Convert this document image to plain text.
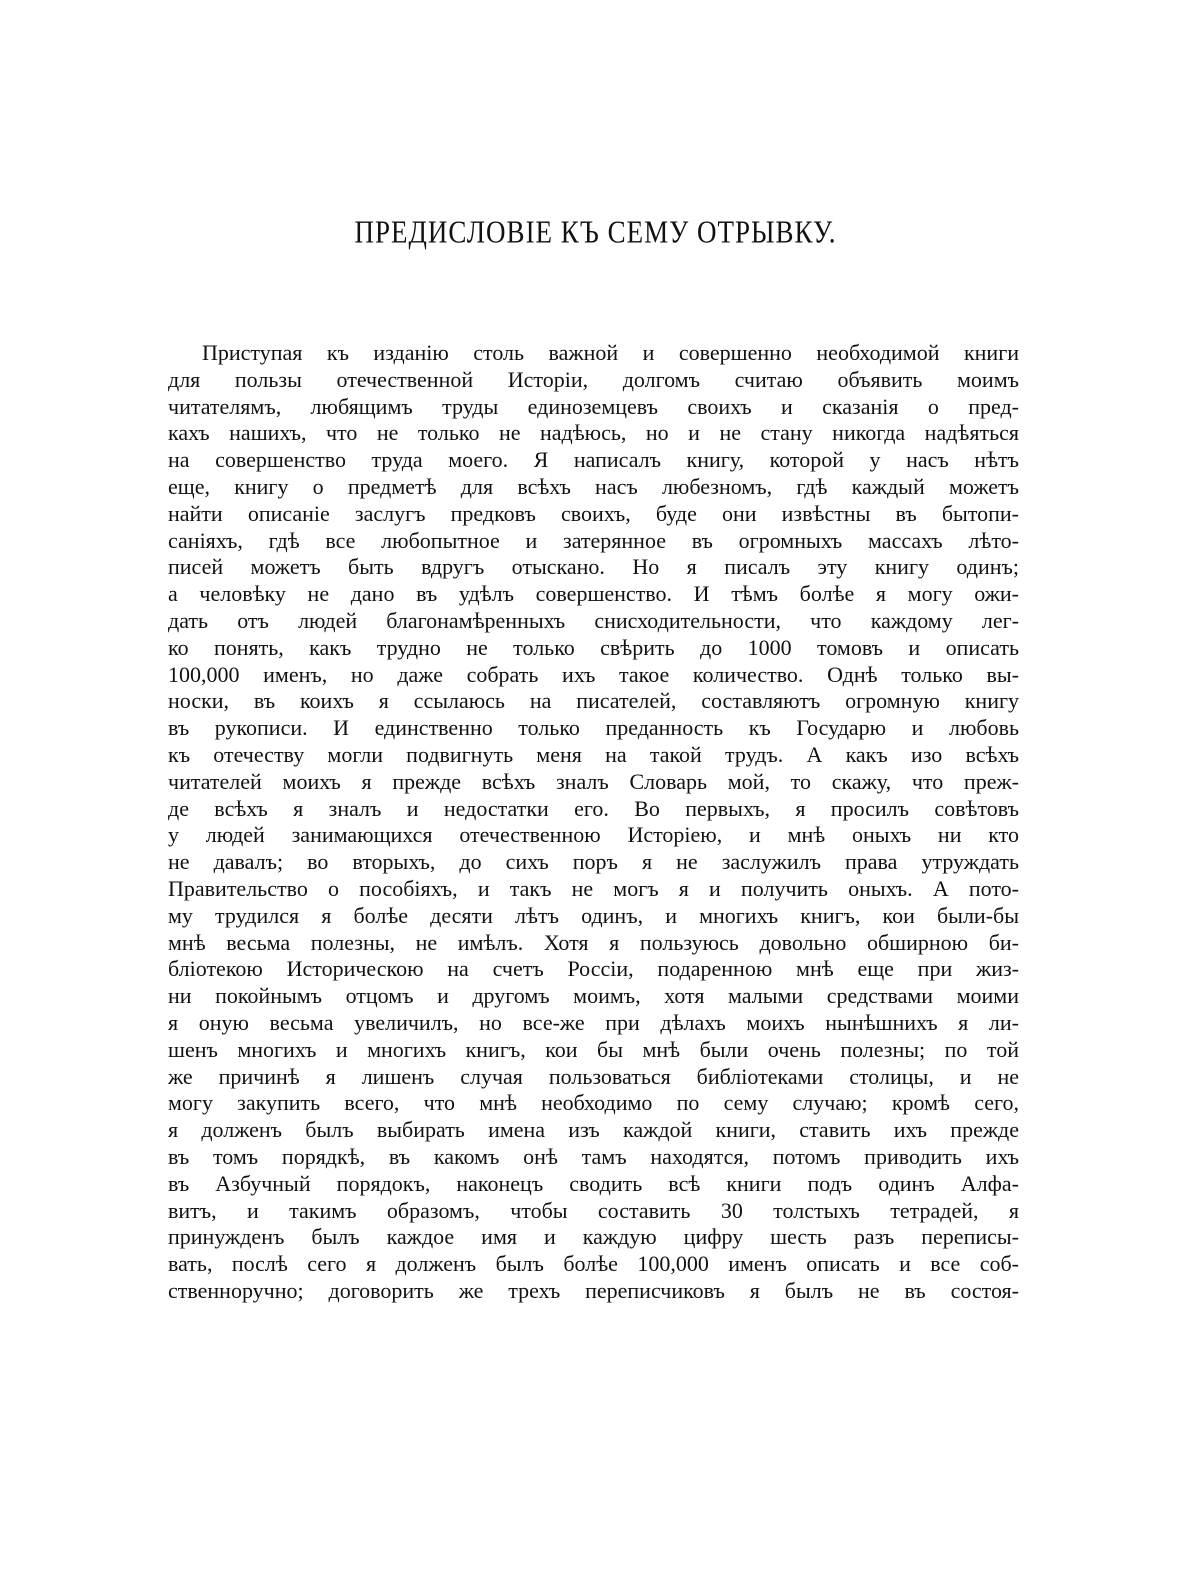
ПРЕДИСЛОВІЕ КЪ СЕМУ ОТРЫВКУ.
Приступая къ изданію столь важной и совершенно необходимой книги
для пользы отечественной Исторіи, долгомъ считаю объявить моимъ
читателямъ, любящимъ труды единоземцевъ своихъ и сказанія о пред-
кахъ нашихъ, что не только не надѣюсь, но и не стану никогда надѣяться
на совершенство труда моего. Я написалъ книгу, которой у насъ нѣтъ
еще, книгу о предметѣ для всѣхъ насъ любезномъ, гдѣ каждый можетъ
найти описаніе заслугъ предковъ своихъ, буде они извѣстны въ бытопи-
саніяхъ, гдѣ все любопытное и затерянное въ огромныхъ массахъ лѣто-
писей можетъ быть вдругъ отыскано. Но я писалъ эту книгу одинъ;
а человѣку не дано въ удѣлъ совершенство. И тѣмъ болѣе я могу ожи-
дать отъ людей благонамѣренныхъ снисходительности, что каждому лег-
ко понять, какъ трудно не только свѣрить до 1000 томовъ и описать
100,000 именъ, но даже собрать ихъ такое количество. Однѣ только вы-
носки, въ коихъ я ссылаюсь на писателей, составляютъ огромную книгу
въ рукописи. И единственно только преданность къ Государю и любовь
къ отечеству могли подвигнуть меня на такой трудъ. А какъ изо всѣхъ
читателей моихъ я прежде всѣхъ зналъ Словарь мой, то скажу, что преж-
де всѣхъ я зналъ и недостатки его. Во первыхъ, я просилъ совѣтовъ
у людей занимающихся отечественною Исторіею, и мнѣ оныхъ ни кто
не давалъ; во вторыхъ, до сихъ поръ я не заслужилъ права утруждать
Правительство о пособіяхъ, и такъ не могъ я и получить оныхъ. А пото-
му трудился я болѣе десяти лѣтъ одинъ, и многихъ книгъ, кои были-бы
мнѣ весьма полезны, не имѣлъ. Хотя я пользуюсь довольно обширною би-
бліотекою Историческою на счетъ Россіи, подаренною мнѣ еще при жиз-
ни покойнымъ отцомъ и другомъ моимъ, хотя малыми средствами моими
я оную весьма увеличилъ, но все-же при дѣлахъ моихъ нынѣшнихъ я ли-
шенъ многихъ и многихъ книгъ, кои бы мнѣ были очень полезны; по той
же причинѣ я лишенъ случая пользоваться библіотеками столицы, и не
могу закупить всего, что мнѣ необходимо по сему случаю; кромѣ сего,
я долженъ былъ выбирать имена изъ каждой книги, ставить ихъ прежде
въ томъ порядкѣ, въ какомъ онѣ тамъ находятся, потомъ приводить ихъ
въ Азбучный порядокъ, наконецъ сводить всѣ книги подъ одинъ Алфа-
витъ, и такимъ образомъ, чтобы составить 30 толстыхъ тетрадей, я
принужденъ былъ каждое имя и каждую цифру шесть разъ переписы-
вать, послѣ сего я долженъ былъ болѣе 100,000 именъ описать и все соб-
ственноручно; договорить же трехъ переписчиковъ я былъ не въ состоя-
